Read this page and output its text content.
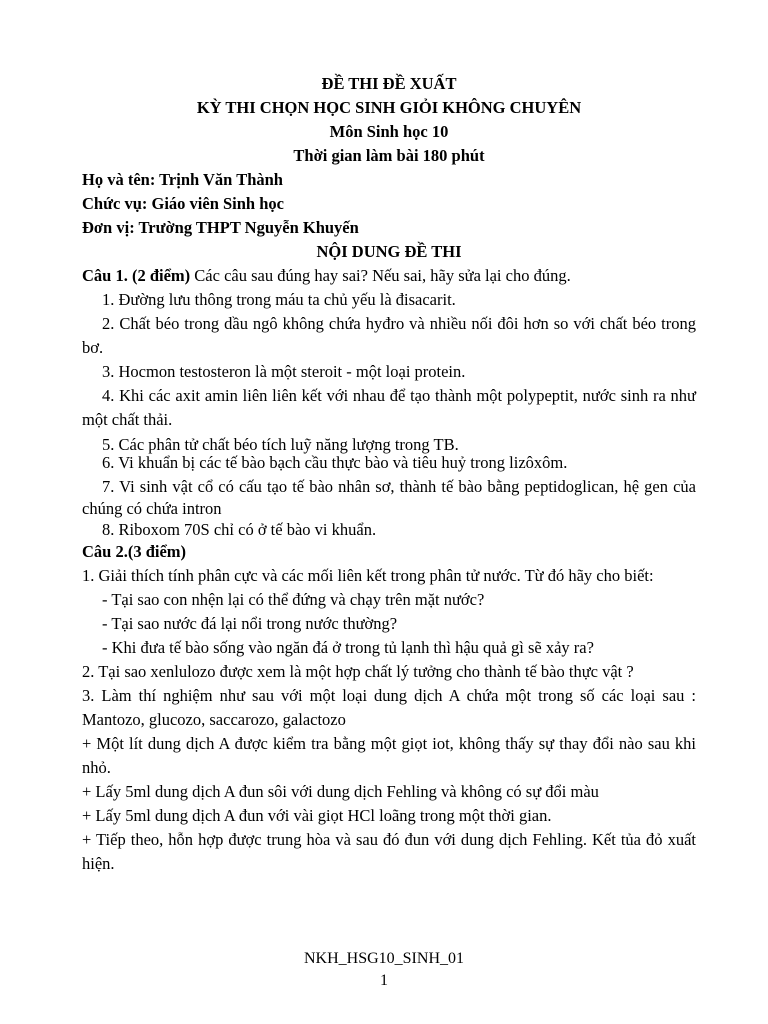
ĐỀ THI ĐỀ XUẤT

KỲ THI CHỌN HỌC SINH GIỎI KHÔNG CHUYÊN

Môn Sinh học 10

Thời gian làm bài 180 phút

Họ và tên: Trịnh Văn Thành

Chức vụ: Giáo viên Sinh học

Đơn vị: Trường THPT Nguyễn Khuyến

NỘI DUNG ĐỀ THI

Câu 1. (2 điểm) Các câu sau đúng hay sai? Nếu sai, hãy sửa lại cho đúng.

1. Đường lưu thông trong máu ta chủ yếu là đisacarit.

2. Chất béo trong dầu ngô không chứa hyđro và nhiều nối đôi hơn so với chất béo trong bơ.

3. Hocmon testosteron là một steroit - một loại protein.

4. Khi các axit amin liên liên kết với nhau để tạo thành một polypeptit, nước sinh ra như một chất thải.

5. Các phân tử chất béo tích luỹ năng lượng trong TB.

6. Vi khuẩn bị các tế bào bạch cầu thực bào và tiêu huỷ trong lizôxôm.

7. Vi sinh vật cổ có cấu tạo tế bào nhân sơ, thành tế bào bằng peptidoglican, hệ gen của chúng có chứa intron

8. Riboxom 70S chỉ có ở tế bào vi khuẩn.

Câu 2.(3 điểm)

1. Giải thích tính phân cực và các mối liên kết trong phân tử nước. Từ đó hãy cho biết:

- Tại sao con nhện lại có thể đứng và chạy trên mặt nước?

- Tại sao nước đá lại nổi trong nước thường?

- Khi đưa tế bào sống vào ngăn đá ở trong tủ lạnh thì hậu quả gì sẽ xảy ra?

2. Tại sao xenlulozo được xem là một hợp chất lý tưởng cho thành tế bào thực vật ?

3. Làm thí nghiệm như sau với một loại dung dịch A chứa một trong số các loại sau : Mantozo, glucozo, saccarozo, galactozo

+ Một lít dung dịch A được kiểm tra bằng một giọt iot, không thấy sự thay đổi nào sau khi nhỏ.

+ Lấy 5ml dung dịch A đun sôi với dung dịch Fehling và không có sự đổi màu

+ Lấy 5ml dung dịch A đun với vài giọt HCl loãng trong một thời gian.

+ Tiếp theo, hỗn hợp được trung hòa và sau đó đun với dung dịch Fehling. Kết tủa đỏ xuất hiện.

NKH_HSG10_SINH_01
1
